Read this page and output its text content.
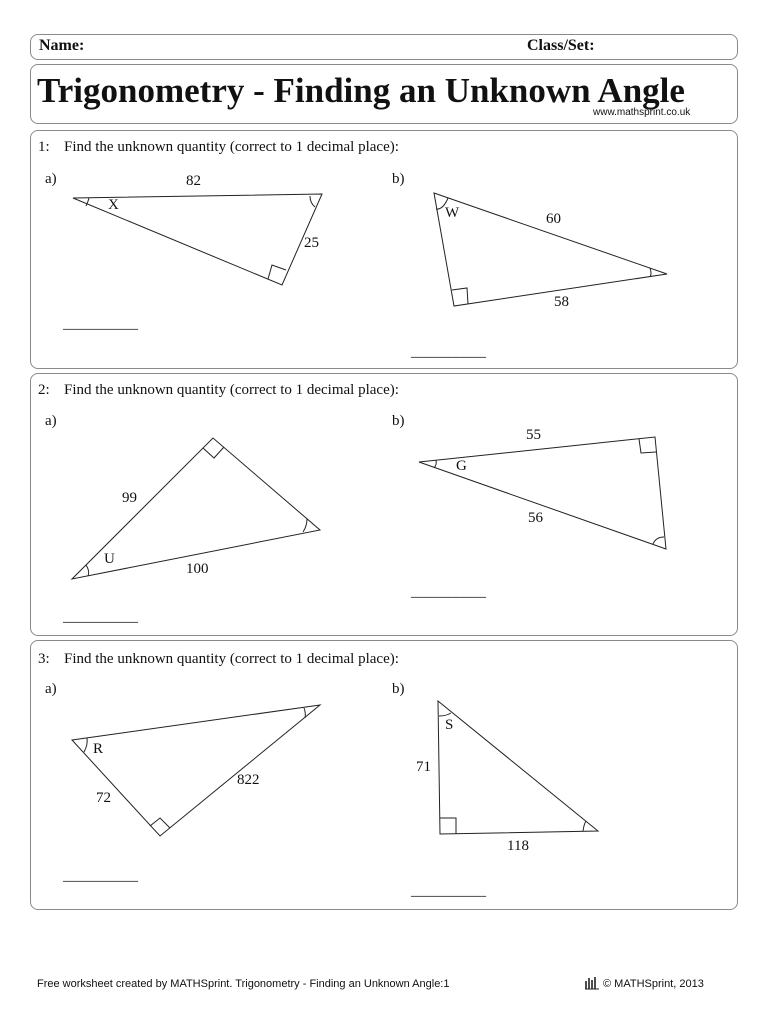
Name:	Class/Set:
Trigonometry - Finding an Unknown Angle
www.mathsprint.co.uk
1: Find the unknown quantity (correct to 1 decimal place):
a)	b)
82
X
25
W	60
58
__________
__________
2: Find the unknown quantity (correct to 1 decimal place):
a)	b)
99
U
100
55
G
56
__________
__________
3: Find the unknown quantity (correct to 1 decimal place):
a)	b)
R
822
72
S
71
118
__________
__________
Free worksheet created by MATHSprint. Trigonometry - Finding an Unknown Angle:1	© MATHSprint, 2013
